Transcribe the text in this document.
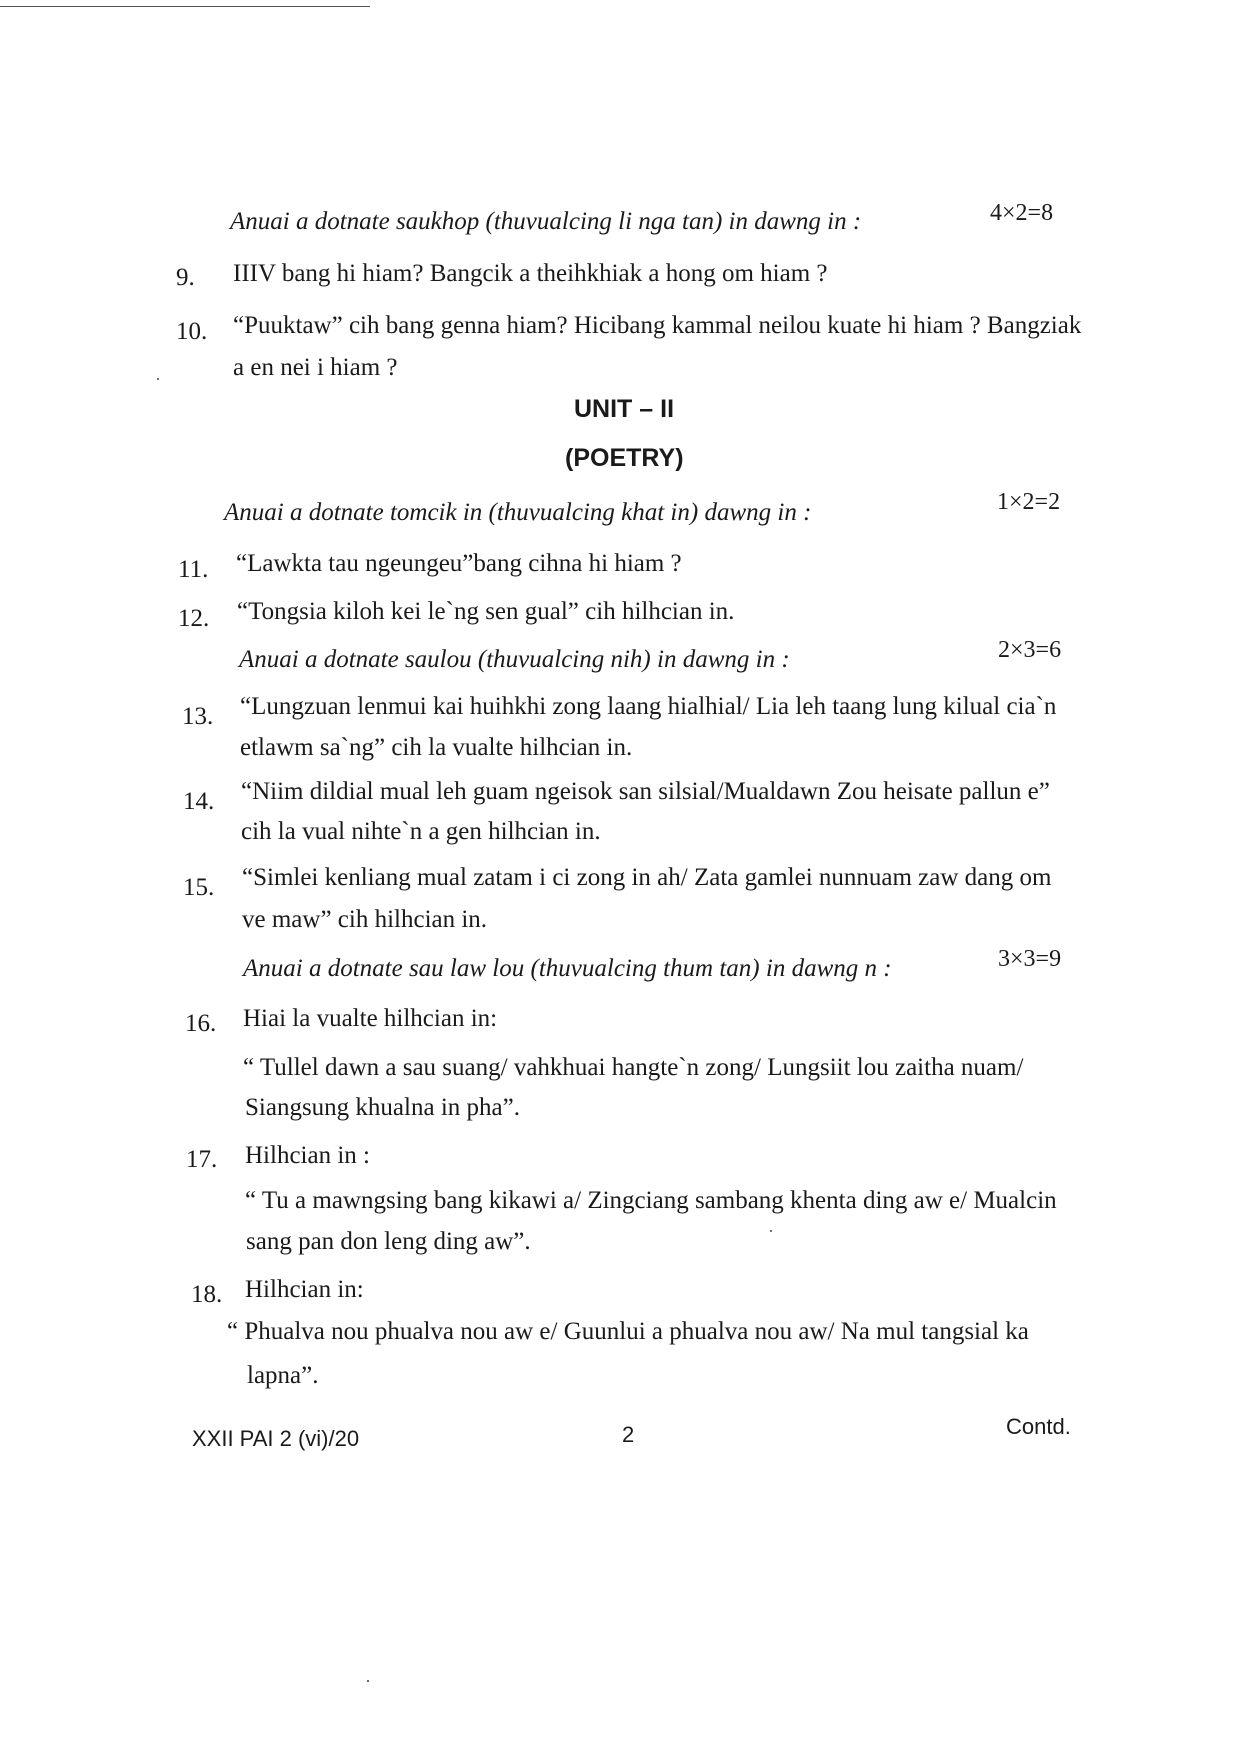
Anuai a dotnate saukhop (thuvualcing li nga tan) in dawng in :	4×2=8
9. IIIV bang hi hiam? Bangcik a theihkhiak a hong om hiam ?
10. “Puuktaw” cih bang genna hiam? Hicibang kammal neilou kuate hi hiam ? Bangziak
a en nei i hiam ?
UNIT – II
(POETRY)
Anuai a dotnate tomcik in (thuvualcing khat in) dawng in :	1×2=2
11. “Lawkta tau ngeungeu”bang cihna hi hiam ?
12. “Tongsia kiloh kei le`ng sen gual” cih hilhcian in.
Anuai a dotnate saulou (thuvualcing nih) in dawng in :	2×3=6
13. “Lungzuan lenmui kai huihkhi zong laang hialhial/ Lia leh taang lung kilual cia`n
etlawm sa`ng” cih la vualte hilhcian in.
14. “Niim dildial mual leh guam ngeisok san silsial/Mualdawn Zou heisate pallun e”
cih la vual nihte`n a gen hilhcian in.
15. “Simlei kenliang mual zatam i ci zong in ah/ Zata gamlei nunnuam zaw dang om
ve maw” cih hilhcian in.
Anuai a dotnate sau law lou (thuvualcing thum tan) in dawng n :	3×3=9
16. Hiai la vualte hilhcian in:
“ Tullel dawn a sau suang/ vahkhuai hangte`n zong/ Lungsiit lou zaitha nuam/
Siangsung khualna in pha”.
17. Hilhcian in :
“ Tu a mawngsing bang kikawi a/ Zingciang sambang khenta ding aw e/ Mualcin
sang pan don leng ding aw”.
18. Hilhcian in:
“ Phualva nou phualva nou aw e/ Guunlui a phualva nou aw/ Na mul tangsial ka
lapna”.
XXII PAI 2 (vi)/20	2	Contd.
